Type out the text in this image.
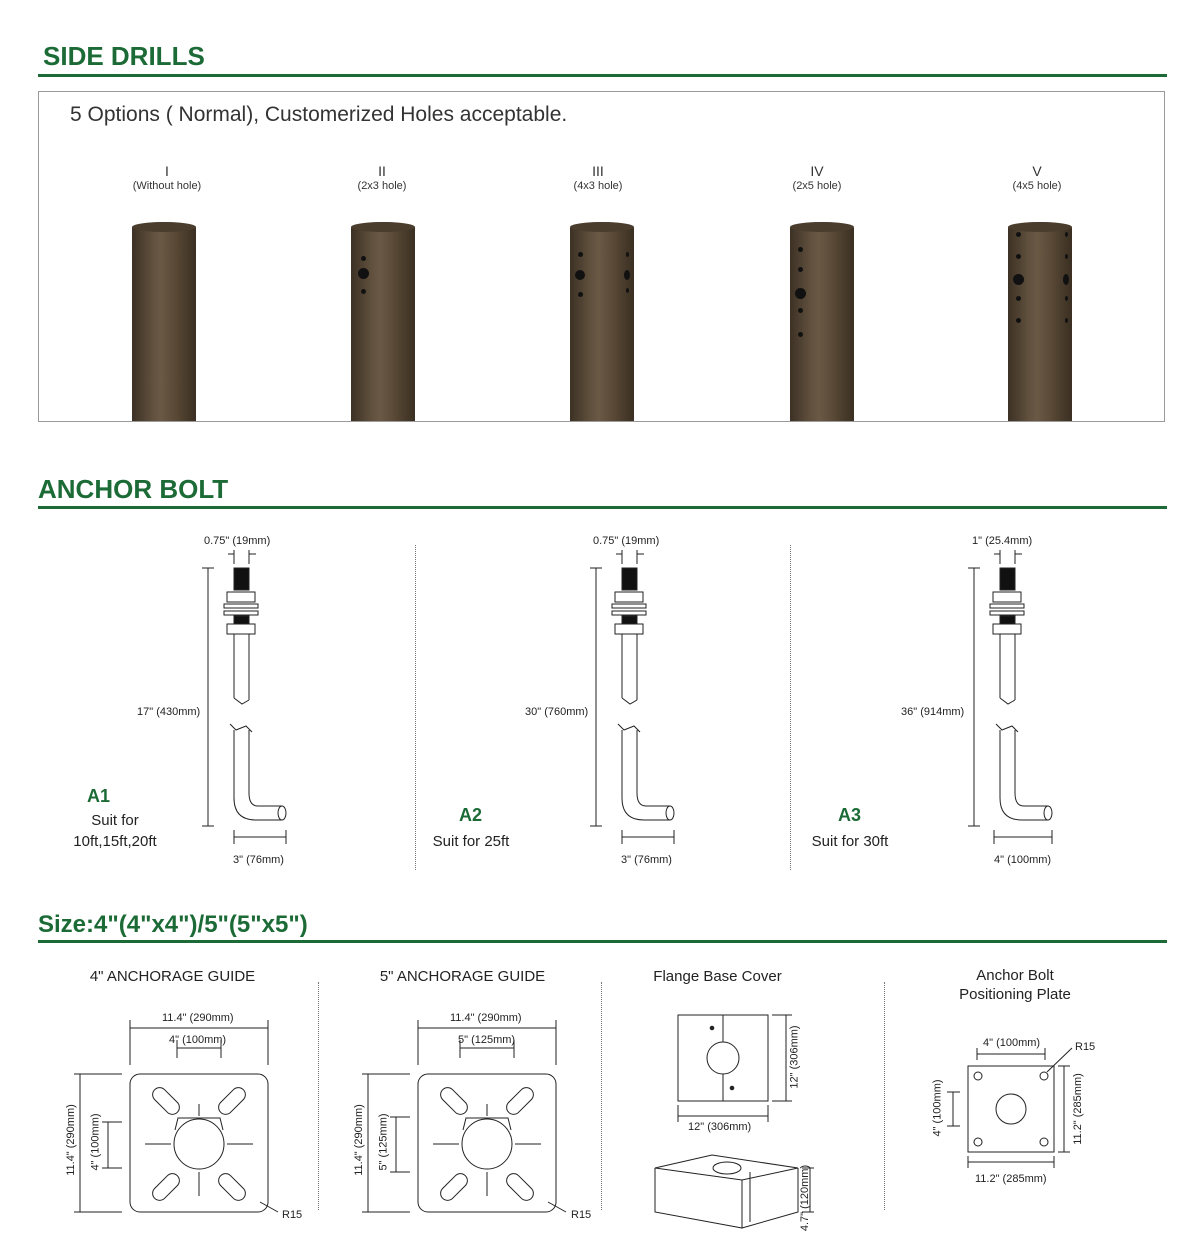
SIDE DRILLS
5 Options ( Normal), Customerized Holes acceptable.
I
(Without hole)
II
(2x3 hole)
III
(4x3 hole)
IV
(2x5 hole)
V
(4x5 hole)
ANCHOR BOLT
0.75" (19mm)
17" (430mm)
3" (76mm)
A1
Suit for
10ft,15ft,20ft
0.75" (19mm)
30" (760mm)
3" (76mm)
A2
Suit for 25ft
1" (25.4mm)
36" (914mm)
4" (100mm)
A3
Suit for 30ft
Size:4"(4"x4")/5"(5"x5")
4" ANCHORAGE GUIDE
11.4" (290mm)
4" (100mm)
11.4" (290mm) 4" (100mm)
R15
5" ANCHORAGE GUIDE
11.4" (290mm)
5" (125mm)
11.4" (290mm) 5" (125mm)
R15
Flange Base Cover
12" (306mm)
12" (306mm)
4.7" (120mm)
Anchor Bolt
Positioning Plate
4" (100mm)	R15
4" (100mm)	11.2" (285mm)
11.2" (285mm)
